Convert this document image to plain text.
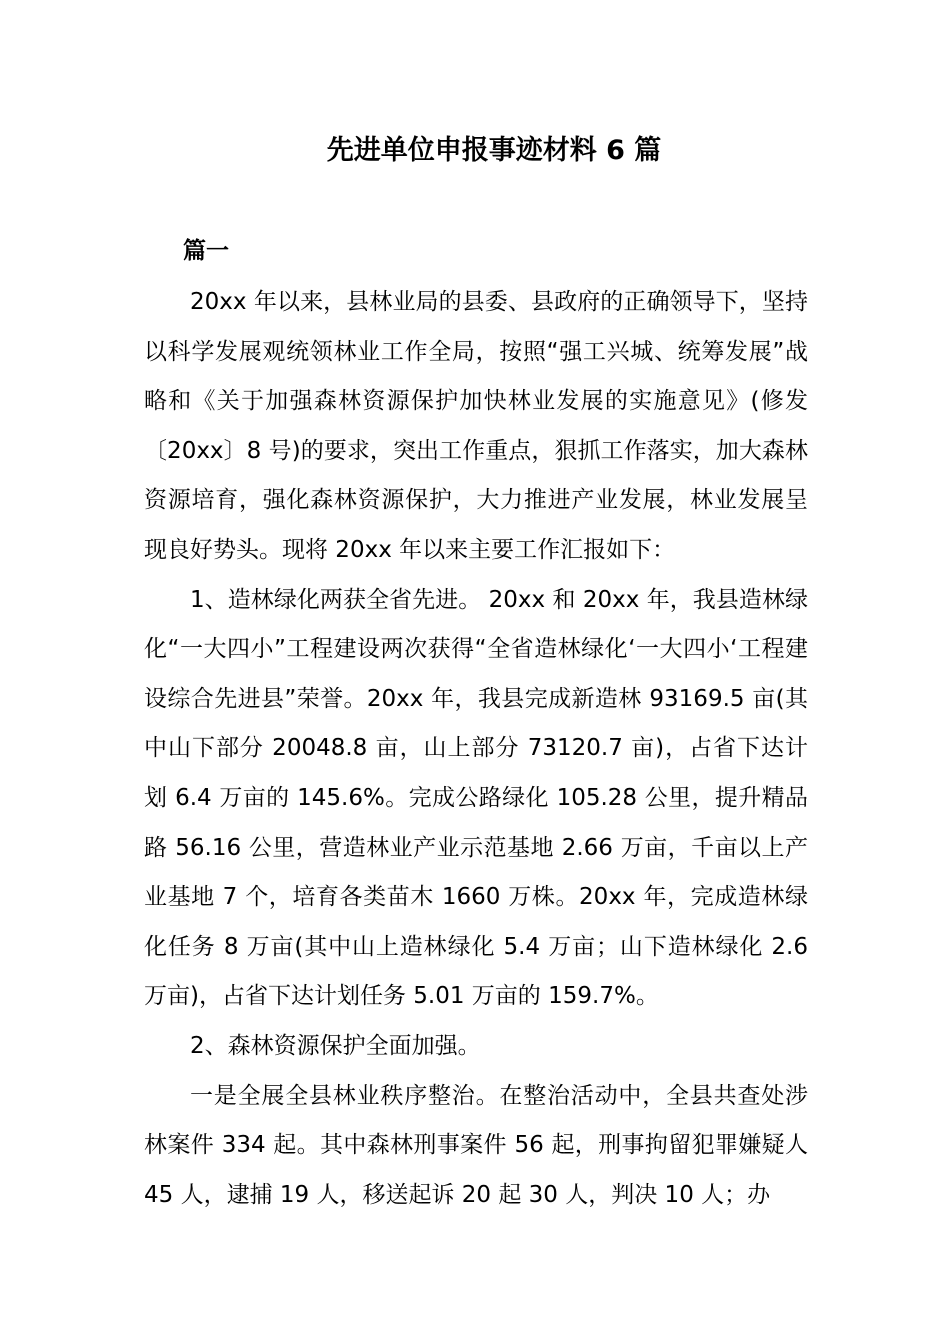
先进单位申报事迹材料 6 篇
篇一

20xx 年以来，县林业局的县委、县政府的正确领导下，坚持以科学发展观统领林业工作全局，按照“强工兴城、统筹发展”战略和《关于加强森林资源保护加快林业发展的实施意见》(修发〔20xx〕8 号)的要求，突出工作重点，狠抓工作落实，加大森林资源培育，强化森林资源保护，大力推进产业发展，林业发展呈现良好势头。现将 20xx 年以来主要工作汇报如下：

1、造林绿化两获全省先进。 20xx 和 20xx 年，我县造林绿化“一大四小”工程建设两次获得“全省造林绿化‘一大四小‘工程建设综合先进县”荣誉。20xx 年，我县完成新造林 93169.5 亩(其中山下部分 20048.8 亩，山上部分 73120.7 亩)，占省下达计划 6.4 万亩的 145.6%。完成公路绿化 105.28 公里，提升精品路 56.16 公里，营造林业产业示范基地 2.66 万亩，千亩以上产业基地 7 个，培育各类苗木 1660 万株。20xx 年，完成造林绿化任务 8 万亩(其中山上造林绿化 5.4 万亩；山下造林绿化 2.6 万亩)，占省下达计划任务 5.01 万亩的 159.7%。

2、森林资源保护全面加强。

一是全展全县林业秩序整治。在整治活动中，全县共查处涉林案件 334 起。其中森林刑事案件 56 起，刑事拘留犯罪嫌疑人 45 人，逮捕 19 人，移送起诉 20 起 30 人，判决 10 人；办
